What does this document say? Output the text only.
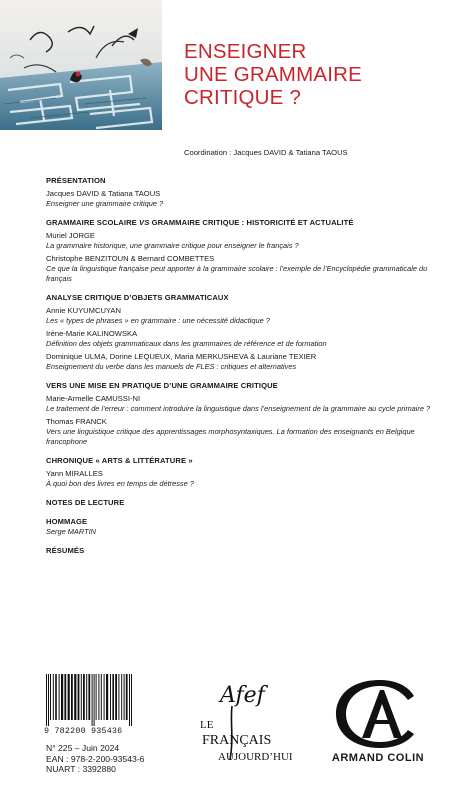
ENSEIGNER
UNE GRAMMAIRE
CRITIQUE ?
Coordination : Jacques DAVID & Tatiana TAOUS
PRÉSENTATION
Jacques DAVID & Tatiana TAOUS
Enseigner une grammaire critique ?
GRAMMAIRE SCOLAIRE VS GRAMMAIRE CRITIQUE : HISTORICITÉ ET ACTUALITÉ
Muriel JORGE
La grammaire historique, une grammaire critique pour enseigner le français ?
Christophe BENZITOUN & Bernard COMBETTES
Ce que la linguistique française peut apporter à la grammaire scolaire : l’exemple de l’Encyclopédie grammaticale du français
ANALYSE CRITIQUE D’OBJETS GRAMMATICAUX
Annie KUYUMCUYAN
Les « types de phrases » en grammaire : une nécessité didactique ?
Irène-Marie KALINOWSKA
Définition des objets grammaticaux dans les grammaires de référence et de formation
Dominique ULMA, Dorine LEQUEUX, Maria MERKUSHEVA & Lauriane TEXIER
Enseignement du verbe dans les manuels de FLES : critiques et alternatives
VERS UNE MISE EN PRATIQUE D’UNE GRAMMAIRE CRITIQUE
Marie-Armelle CAMUSSI-NI
Le traitement de l’erreur : comment introduire la linguistique dans l’enseignement de la grammaire au cycle primaire ?
Thomas FRANCK
Vers une linguistique critique des apprentissages morphosyntaxiques. La formation des enseignants en Belgique francophone
CHRONIQUE « ARTS & LITTÉRATURE »
Yann MIRALLES
À quoi bon des livres en temps de détresse ?
NOTES DE LECTURE
HOMMAGE
Serge MARTIN
RÉSUMÉS
9 782200 935436
N° 225 – Juin 2024
EAN : 978-2-200-93543-6
NUART : 3392880
Afef
LE
FRANÇAIS
AUJOURD’HUI	ARMAND COLIN
